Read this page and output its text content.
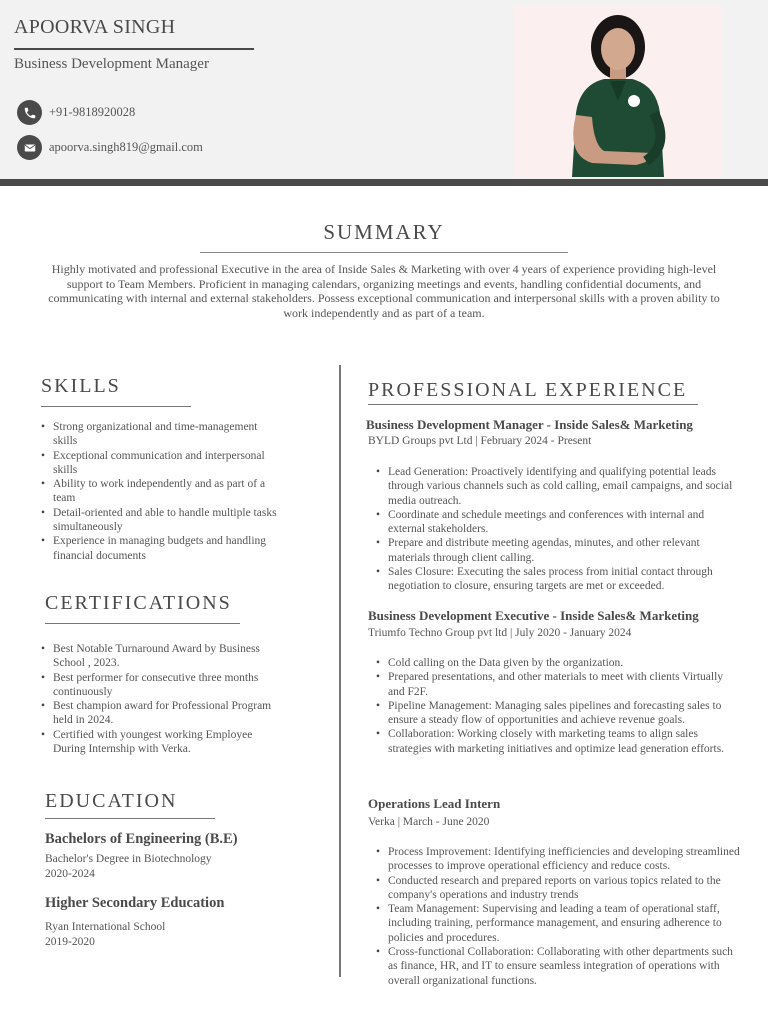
APOORVA SINGH
Business Development Manager
+91-9818920028
apoorva.singh819@gmail.com
SUMMARY
Highly motivated and professional Executive in the area of Inside Sales & Marketing with over 4 years of experience providing high-level support to Team Members. Proficient in managing calendars, organizing meetings and events, handling confidential documents, and communicating with internal and external stakeholders. Possess exceptional communication and interpersonal skills with a proven ability to work independently and as part of a team.
SKILLS
• Strong organizational and time-management skills
• Exceptional communication and interpersonal skills
• Ability to work independently and as part of a team
• Detail-oriented and able to handle multiple tasks simultaneously
• Experience in managing budgets and handling financial documents
CERTIFICATIONS
• Best Notable Turnaround Award by Business School , 2023.
• Best performer for consecutive three months continuously
• Best champion award for Professional Program held in 2024.
• Certified with youngest working Employee During Internship with Verka.
EDUCATION
Bachelors of Engineering (B.E)
Bachelor's Degree in Biotechnology
2020-2024
Higher Secondary Education
Ryan International School
2019-2020
PROFESSIONAL EXPERIENCE
Business Development Manager - Inside Sales& Marketing
BYLD Groups pvt Ltd | February 2024 - Present
• Lead Generation: Proactively identifying and qualifying potential leads through various channels such as cold calling, email campaigns, and social media outreach.
• Coordinate and schedule meetings and conferences with internal and external stakeholders.
• Prepare and distribute meeting agendas, minutes, and other relevant materials through client calling.
• Sales Closure: Executing the sales process from initial contact through negotiation to closure, ensuring targets are met or exceeded.
Business Development Executive - Inside Sales& Marketing
Triumfo Techno Group pvt ltd | July 2020 - January 2024
• Cold calling on the Data given by the organization.
• Prepared presentations, and other materials to meet with clients Virtually and F2F.
• Pipeline Management: Managing sales pipelines and forecasting sales to ensure a steady flow of opportunities and achieve revenue goals.
• Collaboration: Working closely with marketing teams to align sales strategies with marketing initiatives and optimize lead generation efforts.
Operations Lead Intern
Verka | March - June 2020
• Process Improvement: Identifying inefficiencies and developing streamlined processes to improve operational efficiency and reduce costs.
• Conducted research and prepared reports on various topics related to the company's operations and industry trends
• Team Management: Supervising and leading a team of operational staff, including training, performance management, and ensuring adherence to policies and procedures.
• Cross-functional Collaboration: Collaborating with other departments such as finance, HR, and IT to ensure seamless integration of operations with overall organizational functions.
